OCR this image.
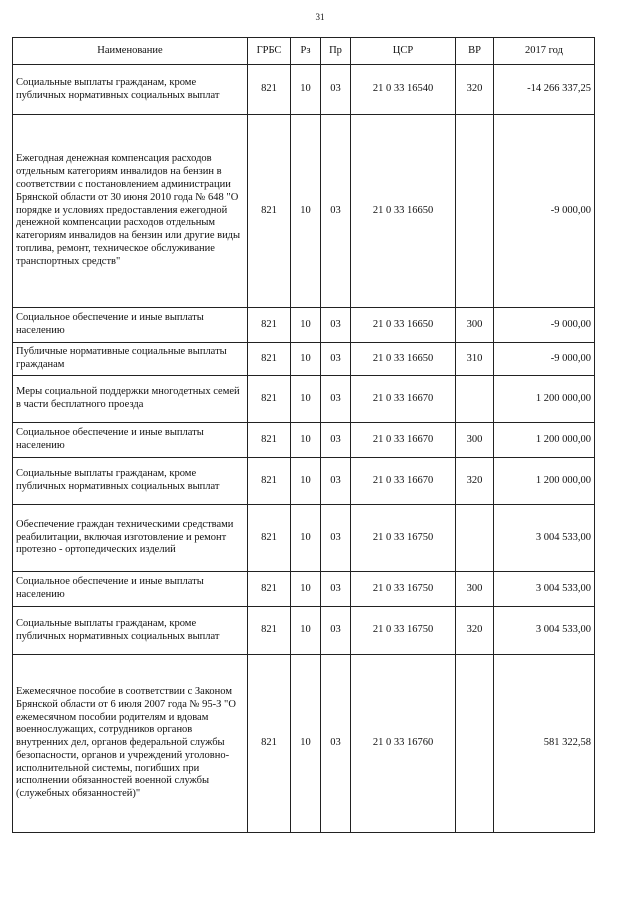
31
Наименование	ГРБС	Рз	Пр	ЦСР	ВР	2017 год
Социальные выплаты гражданам, кроме публичных нормативных социальных выплат	821	10	03	21 0 33 16540	320	-14 266 337,25
Ежегодная денежная компенсация расходов отдельным категориям инвалидов на бензин в соответствии с постановлением администрации Брянской области от 30 июня 2010 года № 648 "О порядке и условиях предоставления ежегодной денежной компенсации расходов отдельным категориям инвалидов на бензин или другие виды топлива, ремонт, техническое обслуживание транспортных средств"	821	10	03	21 0 33 16650		-9 000,00
Социальное обеспечение и иные выплаты населению	821	10	03	21 0 33 16650	300	-9 000,00
Публичные нормативные социальные выплаты гражданам	821	10	03	21 0 33 16650	310	-9 000,00
Меры социальной поддержки многодетных семей в части бесплатного проезда	821	10	03	21 0 33 16670		1 200 000,00
Социальное обеспечение и иные выплаты населению	821	10	03	21 0 33 16670	300	1 200 000,00
Социальные выплаты гражданам, кроме публичных нормативных социальных выплат	821	10	03	21 0 33 16670	320	1 200 000,00
Обеспечение граждан техническими средствами реабилитации, включая изготовление и ремонт протезно - ортопедических изделий	821	10	03	21 0 33 16750		3 004 533,00
Социальное обеспечение и иные выплаты населению	821	10	03	21 0 33 16750	300	3 004 533,00
Социальные выплаты гражданам, кроме публичных нормативных социальных выплат	821	10	03	21 0 33 16750	320	3 004 533,00
Ежемесячное пособие в соответствии с Законом Брянской области от 6 июля 2007 года № 95-З "О ежемесячном пособии родителям и вдовам военнослужащих, сотрудников органов внутренних дел, органов федеральной службы безопасности, органов и учреждений уголовно-исполнительной системы, погибших при исполнении обязанностей военной службы (служебных обязанностей)"	821	10	03	21 0 33 16760		581 322,58
